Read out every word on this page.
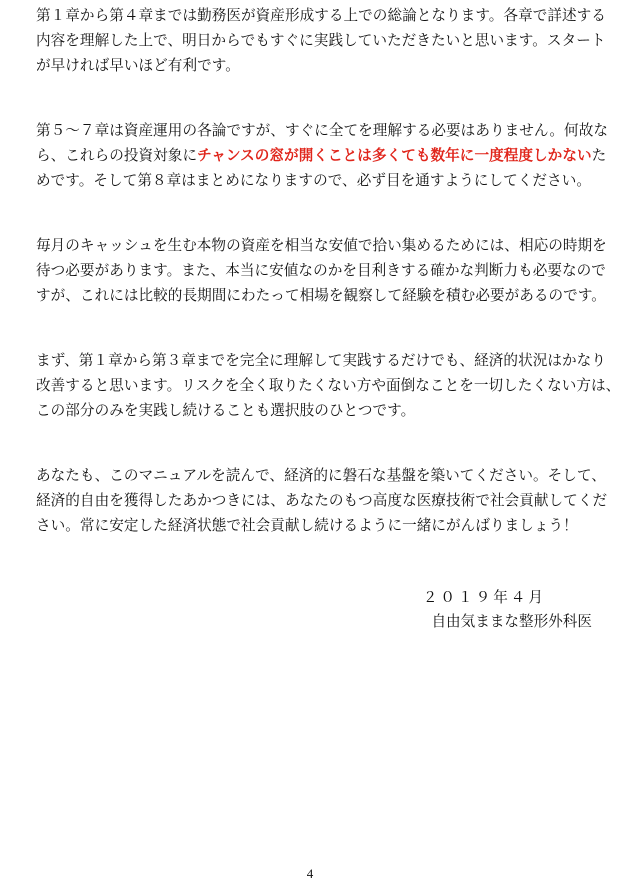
第１章から第４章までは勤務医が資産形成する上での総論となります。各章で詳述する
内容を理解した上で、明日からでもすぐに実践していただきたいと思います。スタート
が早ければ早いほど有利です。
第５～７章は資産運用の各論ですが、すぐに全てを理解する必要はありません。何故な
ら、これらの投資対象にチャンスの窓が開くことは多くても数年に一度程度しかないた
めです。そして第８章はまとめになりますので、必ず目を通すようにしてください。
毎月のキャッシュを生む本物の資産を相当な安値で拾い集めるためには、相応の時期を
待つ必要があります。また、本当に安値なのかを目利きする確かな判断力も必要なので
すが、これには比較的長期間にわたって相場を観察して経験を積む必要があるのです。
まず、第１章から第３章までを完全に理解して実践するだけでも、経済的状況はかなり
改善すると思います。リスクを全く取りたくない方や面倒なことを一切したくない方は、
この部分のみを実践し続けることも選択肢のひとつです。
あなたも、このマニュアルを読んで、経済的に磐石な基盤を築いてください。そして、
経済的自由を獲得したあかつきには、あなたのもつ高度な医療技術で社会貢献してくだ
さい。常に安定した経済状態で社会貢献し続けるように一緒にがんばりましょう！
２０１９年４月
自由気ままな整形外科医
4
